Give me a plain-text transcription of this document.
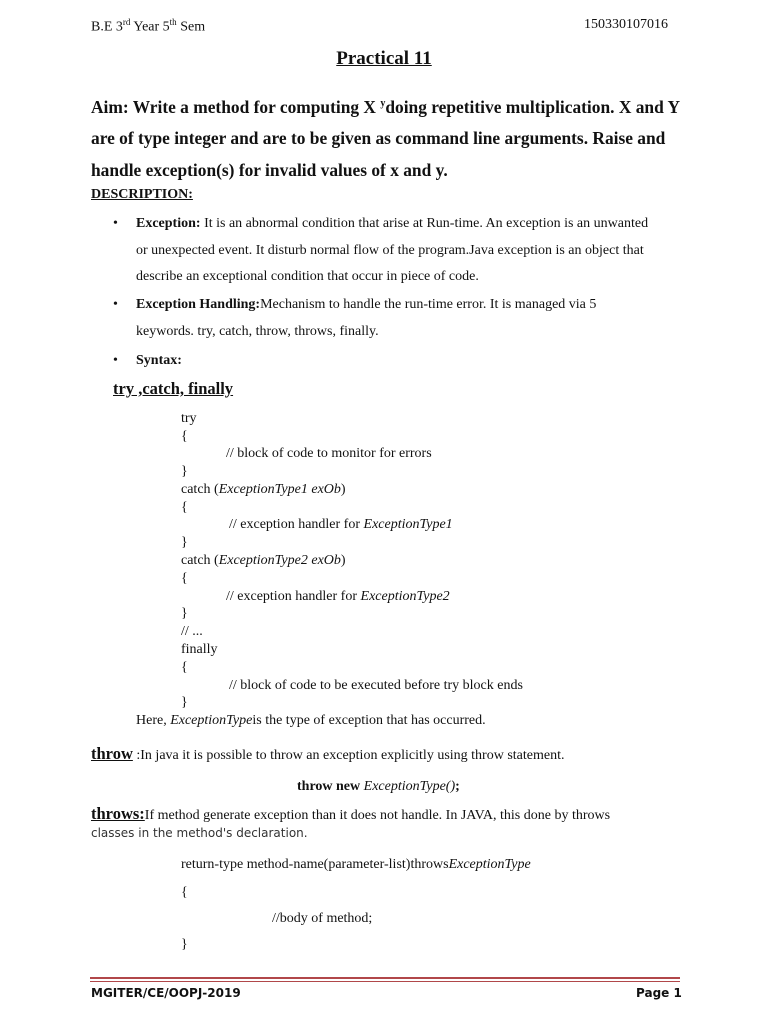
B.E 3rd Year 5th Sem	150330107016
Practical 11
Aim: Write a method for computing X $^y$doing repetitive multiplication. X and Y are of type integer and are to be given as command line arguments. Raise and handle exception(s) for invalid values of x and y.
DESCRIPTION:
• Exception: It is an abnormal condition that arise at Run-time. An exception is an unwanted or unexpected event. It disturb normal flow of the program.Java exception is an object that describe an exceptional condition that occur in piece of code.
• Exception Handling:Mechanism to handle the run-time error. It is managed via 5 keywords. try, catch, throw, throws, finally.
• Syntax:
try ,catch, finally
try
{
// block of code to monitor for errors
}
catch (ExceptionType1 exOb)
{
// exception handler for ExceptionType1
}
catch (ExceptionType2 exOb)
{
// exception handler for ExceptionType2
}
// ...
finally
{
// block of code to be executed before try block ends
}
Here, ExceptionTypeis the type of exception that has occurred.
throw :In java it is possible to throw an exception explicitly using throw statement.
throw new ExceptionType();
throws:If method generate exception than it does not handle. In JAVA, this done by throws
classes in the method's declaration.
return-type method-name(parameter-list)throwsExceptionType
{
//body of method;
}
MGITER/CE/OOPJ-2019	Page 1
